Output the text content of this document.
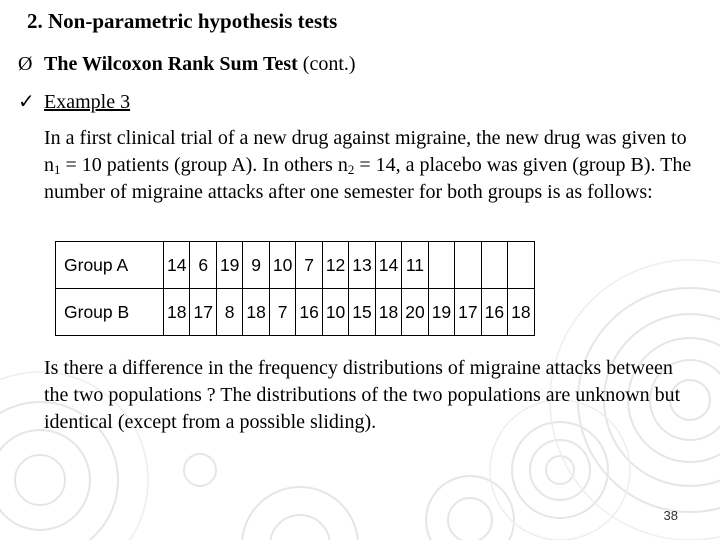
2. Non-parametric hypothesis tests
Ø The Wilcoxon Rank Sum Test (cont.)
✓ Example 3
In a first clinical trial of a new drug against migraine, the new drug was given to $n_1 = 10$ patients (group A). In others $n_2 = 14$, a placebo was given (group B). The number of migraine attacks after one semester for both groups is as follows:
Group A	14	6	19	9	10	7	12	13	14	11				
Group B	18	17	8	18	7	16	10	15	18	20	19	17	16	18
Is there a difference in the frequency distributions of migraine attacks between the two populations ? The distributions of the two populations are unknown but identical (except from a possible sliding).
38
